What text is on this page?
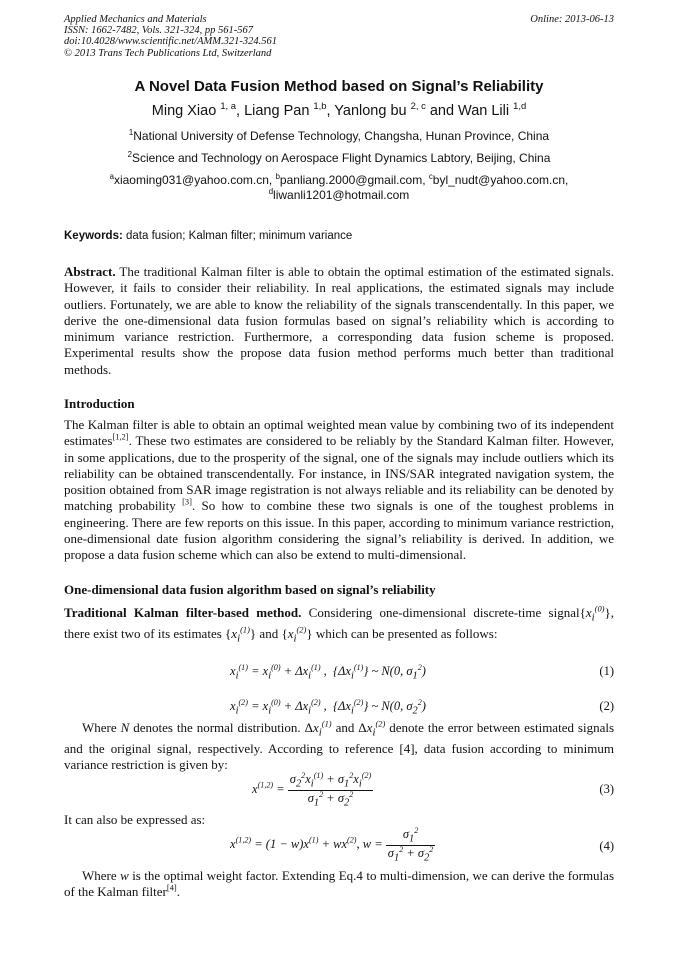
Applied Mechanics and Materials
ISSN: 1662-7482, Vols. 321-324, pp 561-567
doi:10.4028/www.scientific.net/AMM.321-324.561
© 2013 Trans Tech Publications Ltd, Switzerland
Online: 2013-06-13
A Novel Data Fusion Method based on Signal’s Reliability
Ming Xiao $^{1, a}$, Liang Pan $^{1,b}$, Yanlong bu $^{2, c}$ and Wan Lili $^{1,d}$
$^1$National University of Defense Technology, Changsha, Hunan Province, China
$^2$Science and Technology on Aerospace Flight Dynamics Labtory, Beijing, China
$^a$xiaoming031@yahoo.com.cn, $^b$panliang.2000@gmail.com, $^c$byl_nudt@yahoo.com.cn,
$^d$liwanli1201@hotmail.com
Keywords: data fusion; Kalman filter; minimum variance
Abstract. The traditional Kalman filter is able to obtain the optimal estimation of the estimated signals. However, it fails to consider their reliability. In real applications, the estimated signals may include outliers. Fortunately, we are able to know the reliability of the signals transcendentally. In this paper, we derive the one-dimensional data fusion formulas based on signal’s reliability which is according to minimum variance restriction. Furthermore, a corresponding data fusion scheme is proposed. Experimental results show the propose data fusion method performs much better than traditional methods.
Introduction
The Kalman filter is able to obtain an optimal weighted mean value by combining two of its independent estimates[1,2]. These two estimates are considered to be reliably by the Standard Kalman filter. However, in some applications, due to the prosperity of the signal, one of the signals may include outliers which its reliability can be obtained transcendentally. For instance, in INS/SAR integrated navigation system, the position obtained from SAR image registration is not always reliable and its reliability can be denoted by matching probability [3]. So how to combine these two signals is one of the toughest problems in engineering. There are few reports on this issue. In this paper, according to minimum variance restriction, one-dimensional date fusion algorithm considering the signal’s reliability is derived. In addition, we propose a data fusion scheme which can also be extend to multi-dimensional.
One-dimensional data fusion algorithm based on signal’s reliability
Traditional Kalman filter-based method. Considering one-dimensional discrete-time $signal\{x_i^{(0)}\}$, there exist two of its estimates $\{x_i^{(1)}\}$ and $\{x_i^{(2)}\}$ which can be presented as follows:
$x_i^{(1)} = x_i^{(0)} + \Delta x_i^{(1)}$ ,  $\{\Delta x_i^{(1)}\}$ ~ N(0, $\sigma_1^2$)	(1)
$x_i^{(2)} = x_i^{(0)} + \Delta x_i^{(2)}$ ,  $\{\Delta x_i^{(2)}\}$ ~ N(0, $\sigma_2^2$)	(2)
Where N denotes the normal distribution. $\Delta x_i^{(1)}$ and $\Delta x_i^{(2)}$ denote the error between estimated signals and the original signal, respectively. According to reference [4], data fusion according to minimum variance restriction is given by:
$x^{(1,2)} = \frac{\sigma_2^2x_i^{(1)} + \sigma_1^2x_i^{(2)}}{\sigma_1^2 + \sigma_2^2}$	(3)
It can also be expressed as:
$x^{(1,2)} = (1 - w)x^{(1)} + wx^{(2)}$, $w = \frac{\sigma_1^2}{\sigma_1^2 + \sigma_2^2}$	(4)
Where w is the optimal weight factor. Extending Eq.4 to multi-dimension, we can derive the formulas of the Kalman filter[4].
